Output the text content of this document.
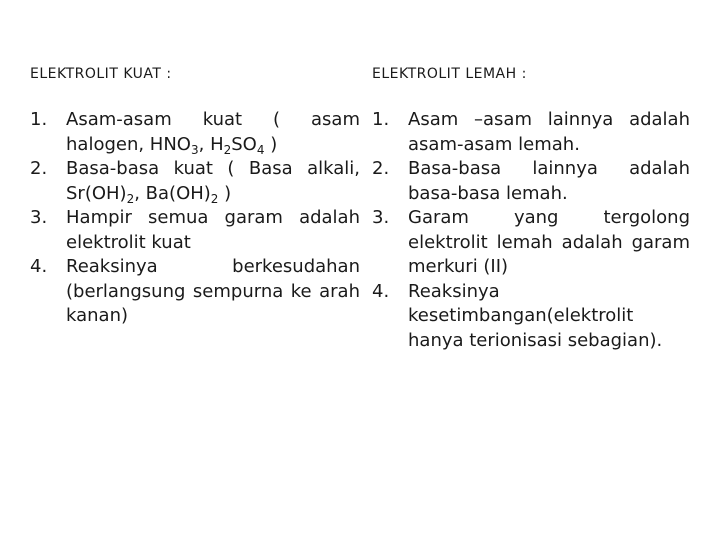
ELEKTROLIT KUAT :	ELEKTROLIT LEMAH :
1. Asam-asam kuat ( asam halogen, $HNO_3$, $H_2SO_4$ )
2. Basa-basa kuat ( Basa alkali, $Sr(OH)_2$, $Ba(OH)_2$ )
3. Hampir semua garam adalah elektrolit kuat
4. Reaksinya berkesudahan (berlangsung sempurna ke arah kanan)
1. Asam –asam lainnya adalah asam-asam lemah.
2. Basa-basa lainnya adalah basa-basa lemah.
3. Garam yang tergolong elektrolit lemah adalah garam merkuri (II)
4. Reaksinya kesetimbangan(elektrolit hanya terionisasi sebagian).
